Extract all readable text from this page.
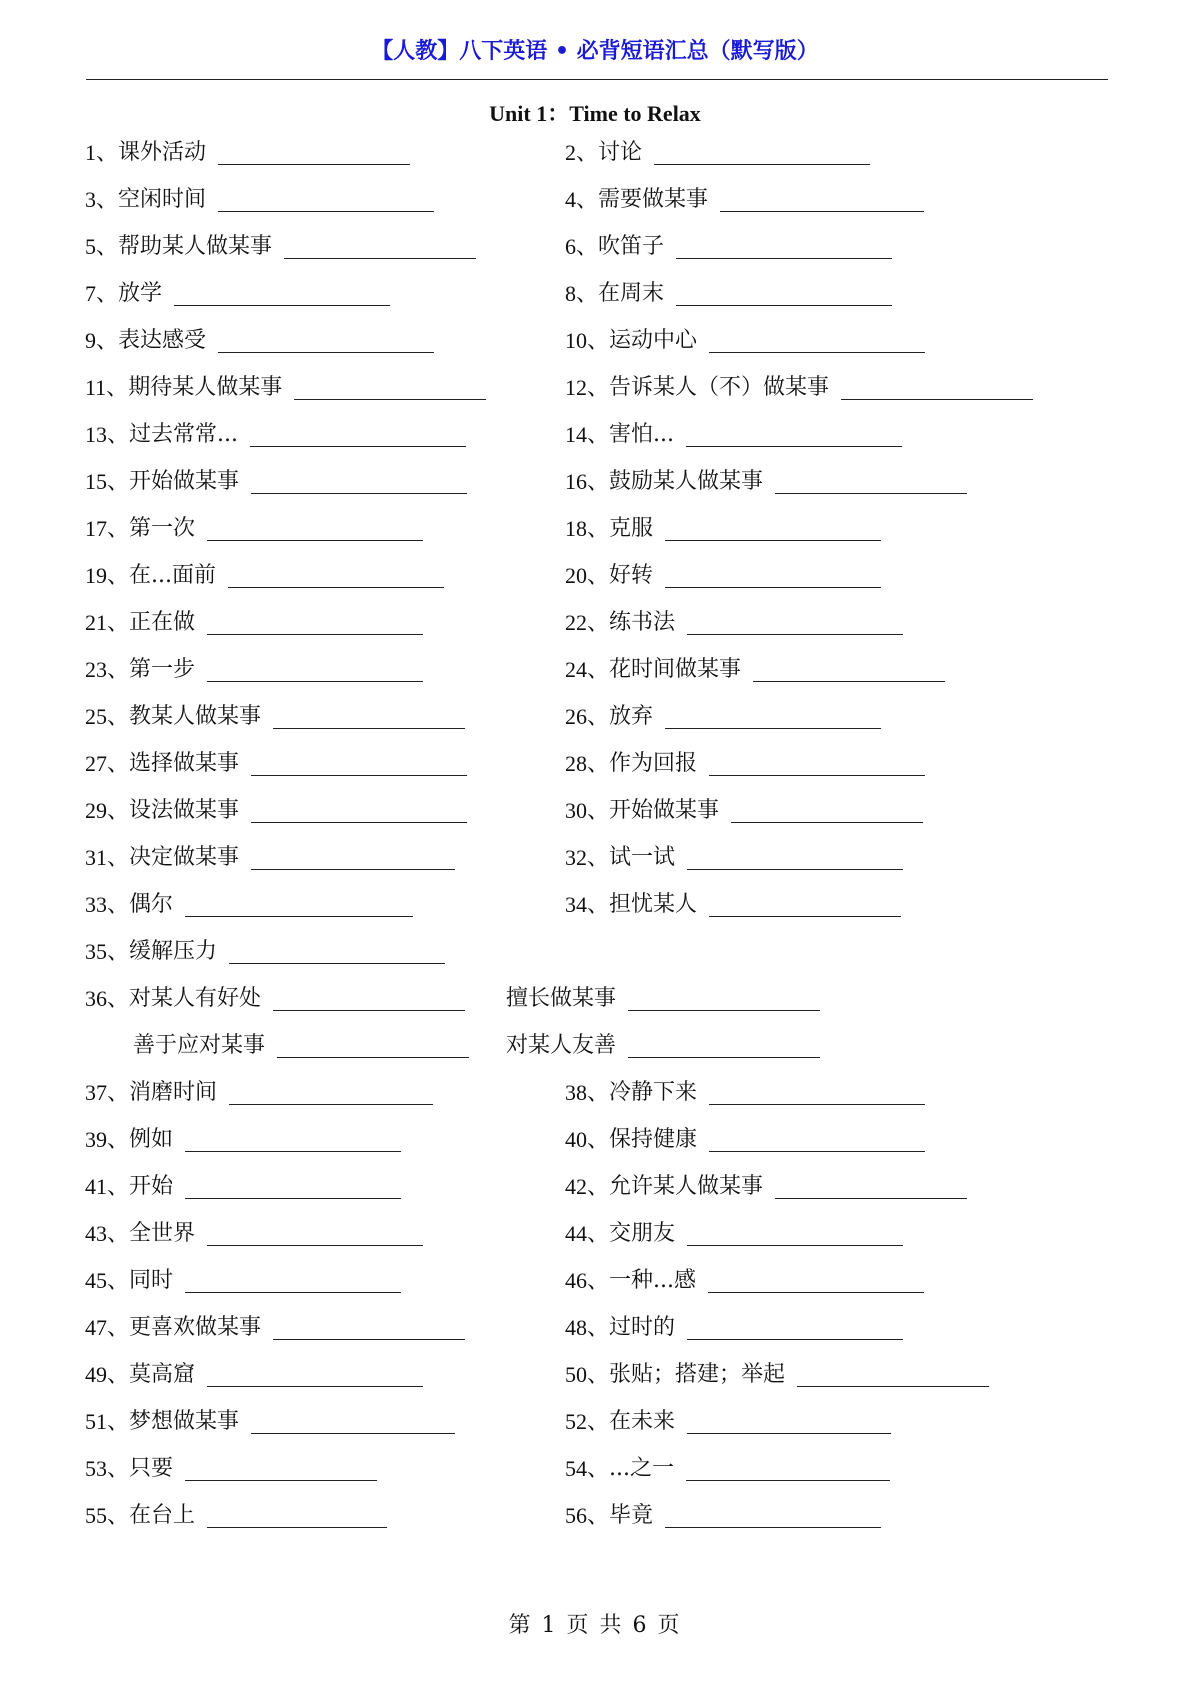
【人教】八下英语 • 必背短语汇总（默写版）
Unit 1：Time to Relax
1、 课外活动	2、 讨论
3、 空闲时间	4、 需要做某事
5、 帮助某人做某事	6、 吹笛子
7、 放学	8、 在周末
9、 表达感受	10、 运动中心
11、 期待某人做某事	12、 告诉某人（不）做某事
13、 过去常常...	14、 害怕...
15、 开始做某事	16、 鼓励某人做某事
17、 第一次	18、 克服
19、 在...面前	20、 好转
21、 正在做	22、 练书法
23、 第一步	24、 花时间做某事
25、 教某人做某事	26、 放弃
27、 选择做某事	28、 作为回报
29、 设法做某事	30、 开始做某事
31、 决定做某事	32、 试一试
33、 偶尔	34、 担忧某人
35、 缓解压力
36、 对某人有好处	擅长做某事
善于应对某事	对某人友善
37、 消磨时间	38、 冷静下来
39、 例如	40、 保持健康
41、 开始	42、 允许某人做某事
43、 全世界	44、 交朋友
45、 同时	46、 一种...感
47、 更喜欢做某事	48、 过时的
49、 莫高窟	50、 张贴；搭建；举起
51、 梦想做某事	52、 在未来
53、 只要	54、 ...之一
55、 在台上	56、 毕竟
第 1 页 共 6 页
